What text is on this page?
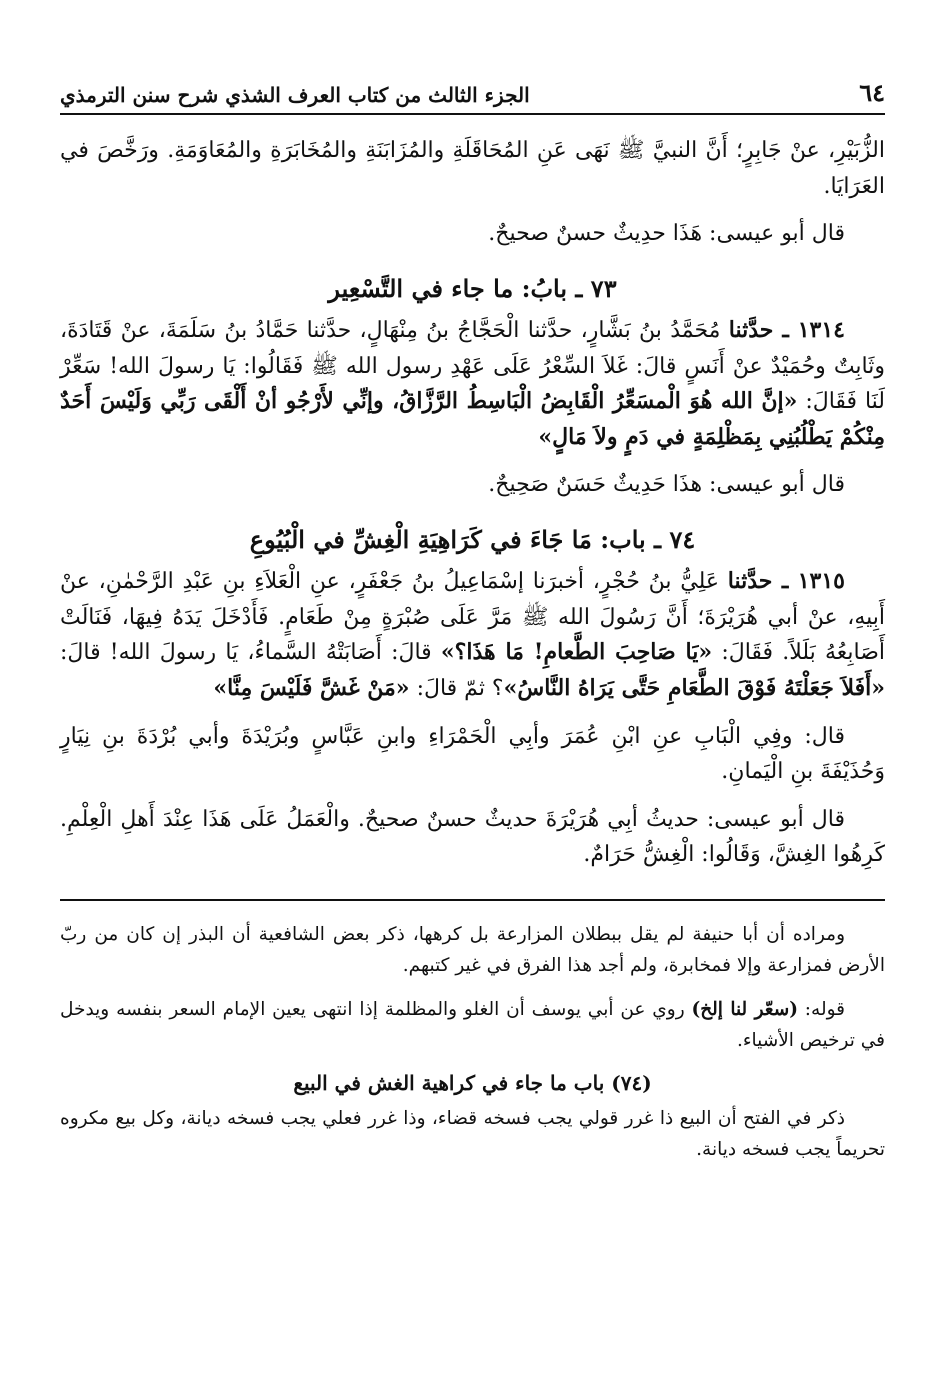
٦٤
الجزء الثالث من كتاب العرف الشذي شرح سنن الترمذي

الزُّبَيْرِ، عنْ جَابِرٍ؛ أَنَّ النبيَّ ﷺ نَهَى عَنِ المُحَاقَلَةِ والمُزَابَنَةِ والمُخَابَرَةِ والمُعَاوَمَةِ. ورَخَّصَ في العَرَايَا.

قال أبو عيسى: هَذَا حدِيثٌ حسنٌ صحيحٌ.

٧٣ ـ بابُ: ما جاء في التَّسْعِير

١٣١٤ ـ حدَّثنا مُحَمَّدُ بنُ بَشَّارٍ، حدَّثنا الْحَجَّاجُ بنُ مِنْهَالٍ، حدَّثنا حَمَّادُ بنُ سَلَمَةَ، عنْ قَتَادَةَ، وثَابِتٌ وحُمَيْدٌ عنْ أَنَسٍ قالَ: غَلاَ السِّعْرُ عَلَى عَهْدِ رسول الله ﷺ فَقَالُوا: يَا رسولَ الله! سَعِّرْ لَنَا فَقَالَ: «إنَّ الله هُوَ الْمسَعِّرُ الْقَابِضُ الْبَاسِطُ الرَّزَّاقُ، وإنِّي لأَرْجُو أنْ أَلْقَى رَبِّي وَلَيْسَ أَحَدٌ مِنْكُمْ يَطْلُبُنِي بِمَظْلِمَةٍ في دَمٍ ولاَ مَالٍ»

قال أبو عيسى: هذَا حَدِيثٌ حَسَنٌ صَحِيحٌ.

٧٤ ـ باب: مَا جَاءَ في كَرَاهِيَةِ الْغِشِّ في الْبُيُوعِ

١٣١٥ ـ حدَّثنا عَلِيُّ بنُ حُجْرٍ، أخبرَنا إسْمَاعِيلُ بنُ جَعْفَرٍ، عنِ الْعَلاَءِ بنِ عَبْدِ الرَّحْمٰنِ، عنْ أَبِيهِ، عنْ أبي هُرَيْرَةَ؛ أَنَّ رَسُولَ الله ﷺ مَرَّ عَلَى صُبْرَةٍ مِنْ طَعَامٍ. فَأَدْخَلَ يَدَهُ فِيهَا، فَنَالَتْ أَصَابِعُهُ بَلَلاً. فَقَالَ: «يَا صَاحِبَ الطَّعامِ! مَا هَذَا؟» قالَ: أَصَابَتْهُ السَّماءُ، يَا رسولَ الله! قالَ: «أَفَلاَ جَعَلْتَهُ فَوْقَ الطَّعَامِ حَتَّى يَرَاهُ النَّاسُ»؟ ثمّ قالَ: «مَنْ غَشَّ فَلَيْسَ مِنَّا»

قال: وفِي الْبَابِ عنِ ابْنِ عُمَرَ وأبِي الْحَمْرَاءِ وابنِ عَبَّاسٍ وبُرَيْدَةَ وأبي بُرْدَةَ بنِ نِيَارٍ وَحُذَيْفَةَ بنِ الْيَمانِ.

قال أبو عيسى: حديثُ أبِي هُرَيْرَةَ حديثٌ حسنٌ صحيحٌ. والْعَمَلُ عَلَى هَذَا عِنْدَ أَهلِ الْعِلْمِ. كَرِهُوا الغِشَّ، وَقَالُوا: الْغِشُّ حَرَامٌ.

ومراده أن أبا حنيفة لم يقل ببطلان المزارعة بل كرهها، ذكر بعض الشافعية أن البذر إن كان من ربّ الأرض فمزارعة وإلا فمخابرة، ولم أجد هذا الفرق في غير كتبهم.

قوله: (سعّر لنا إلخ) روي عن أبي يوسف أن الغلو والمظلمة إذا انتهى يعين الإمام السعر بنفسه ويدخل في ترخيص الأشياء.

(٧٤) باب ما جاء في كراهية الغش في البيع

ذكر في الفتح أن البيع ذا غرر قولي يجب فسخه قضاء، وذا غرر فعلي يجب فسخه ديانة، وكل بيع مكروه تحريماً يجب فسخه ديانة.
